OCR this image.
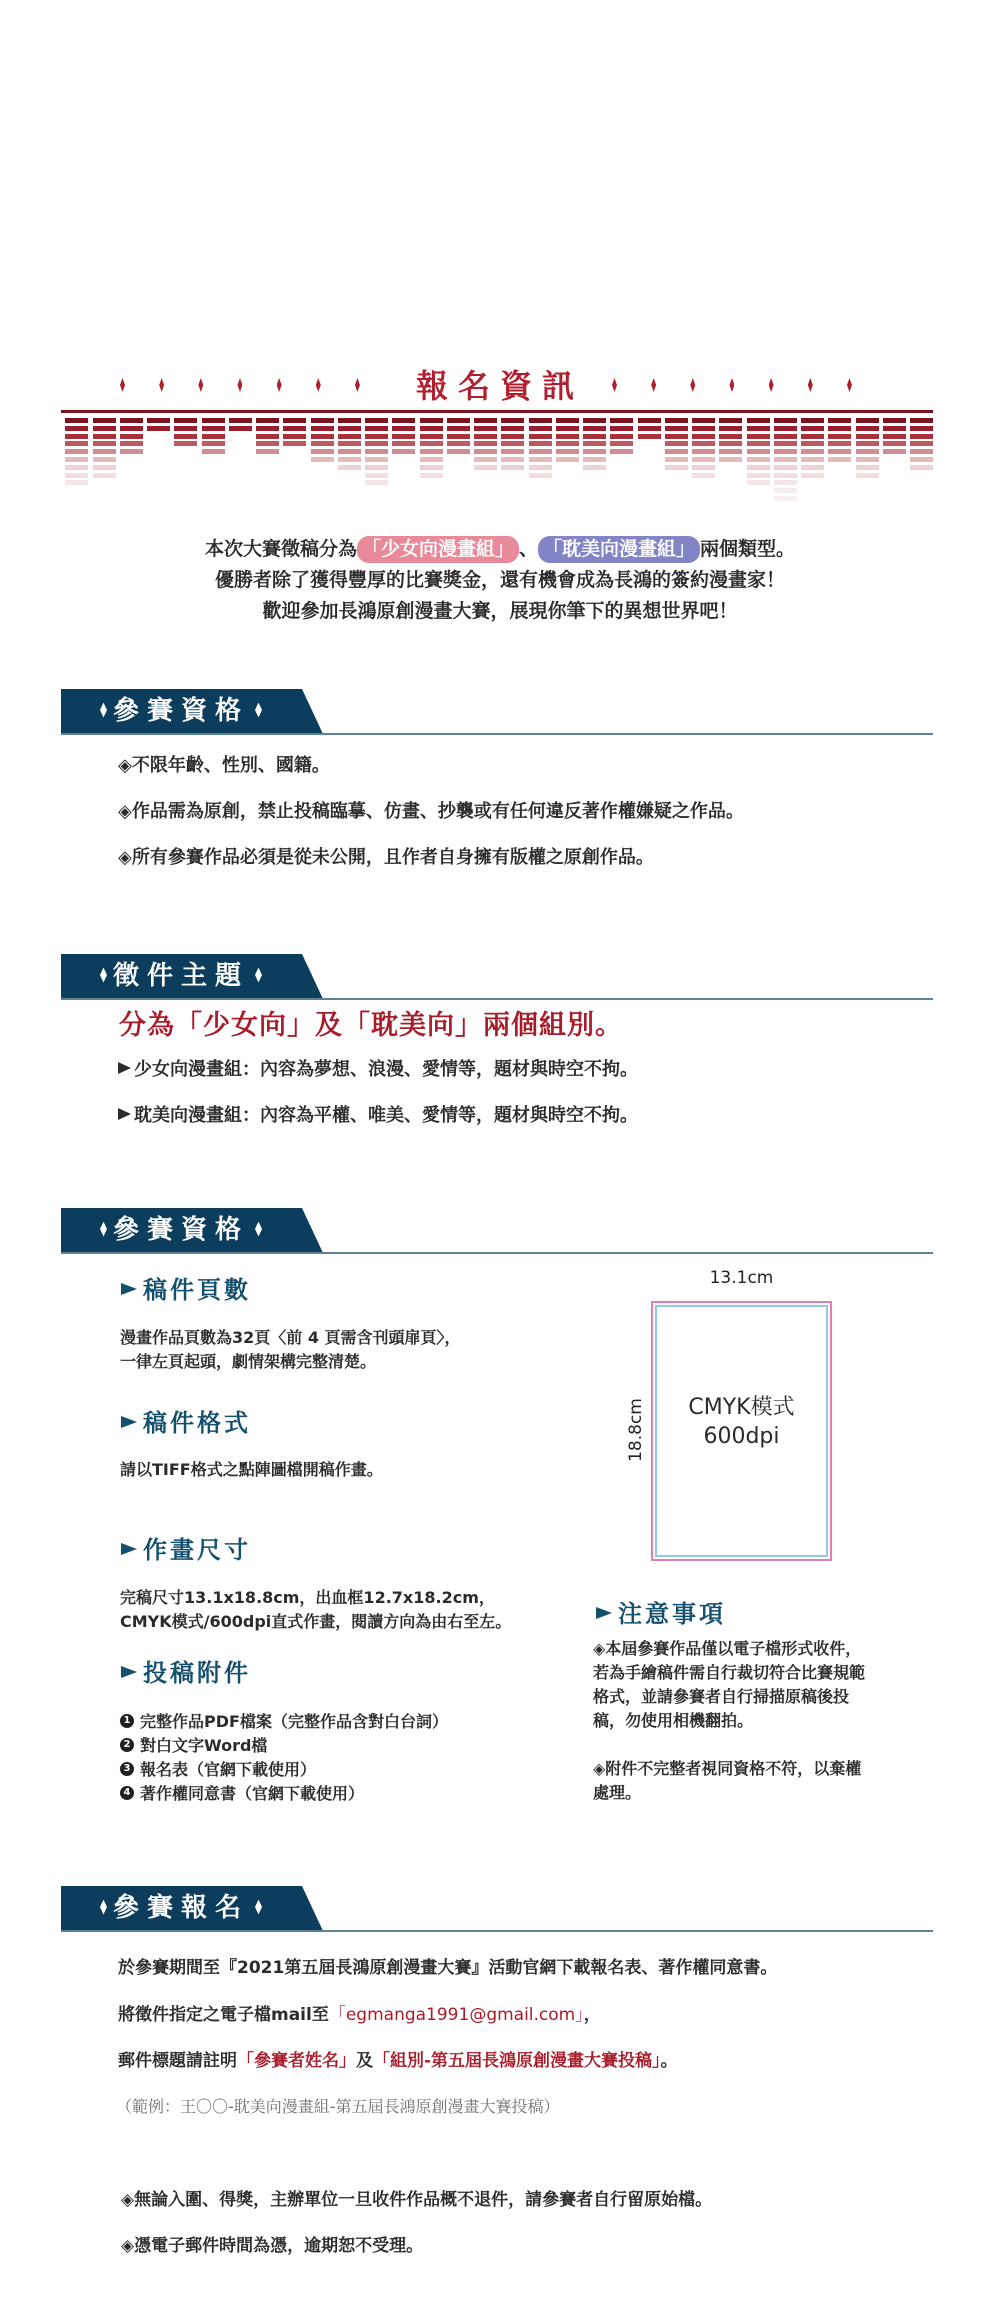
報名資訊
本次大賽徵稿分為 「少女向漫畫組」 、 「耽美向漫畫組」 兩個類型。
優勝者除了獲得豐厚的比賽獎金，還有機會成為長鴻的簽約漫畫家！
歡迎參加長鴻原創漫畫大賽，展現你筆下的異想世界吧！
參賽資格
◈不限年齡、性別、國籍。
◈作品需為原創，禁止投稿臨摹、仿畫、抄襲或有任何違反著作權嫌疑之作品。
◈所有參賽作品必須是從未公開，且作者自身擁有版權之原創作品。
徵件主題
分為「少女向」及「耽美向」兩個組別。
少女向漫畫組：內容為夢想、浪漫、愛情等，題材與時空不拘。
耽美向漫畫組：內容為平權、唯美、愛情等，題材與時空不拘。
參賽資格
稿件頁數
漫畫作品頁數為32頁〈前 4 頁需含刊頭扉頁〉，
一律左頁起頭，劇情架構完整清楚。
稿件格式
請以TIFF格式之點陣圖檔開稿作畫。
作畫尺寸
完稿尺寸13.1x18.8cm，出血框12.7x18.2cm，
CMYK模式/600dpi直式作畫，閱讀方向為由右至左。
投稿附件
1 完整作品PDF檔案（完整作品含對白台詞）
2 對白文字Word檔
3 報名表（官網下載使用）
4 著作權同意書（官網下載使用）
13.1cm
18.8cm	CMYK模式
600dpi
注意事項
◈本屆參賽作品僅以電子檔形式收件，
若為手繪稿件需自行裁切符合比賽規範
格式，並請參賽者自行掃描原稿後投
稿，勿使用相機翻拍。
◈附件不完整者視同資格不符，以棄權
處理。
參賽報名
於參賽期間至『2021第五屆長鴻原創漫畫大賽』活動官網下載報名表、著作權同意書。
將徵件指定之電子檔mail至「egmanga1991@gmail.com」，
郵件標題請註明「參賽者姓名」及「組別-第五屆長鴻原創漫畫大賽投稿」。
（範例：王〇〇-耽美向漫畫組-第五屆長鴻原創漫畫大賽投稿）
◈無論入圍、得獎，主辦單位一旦收件作品概不退件，請參賽者自行留原始檔。
◈憑電子郵件時間為憑，逾期恕不受理。
